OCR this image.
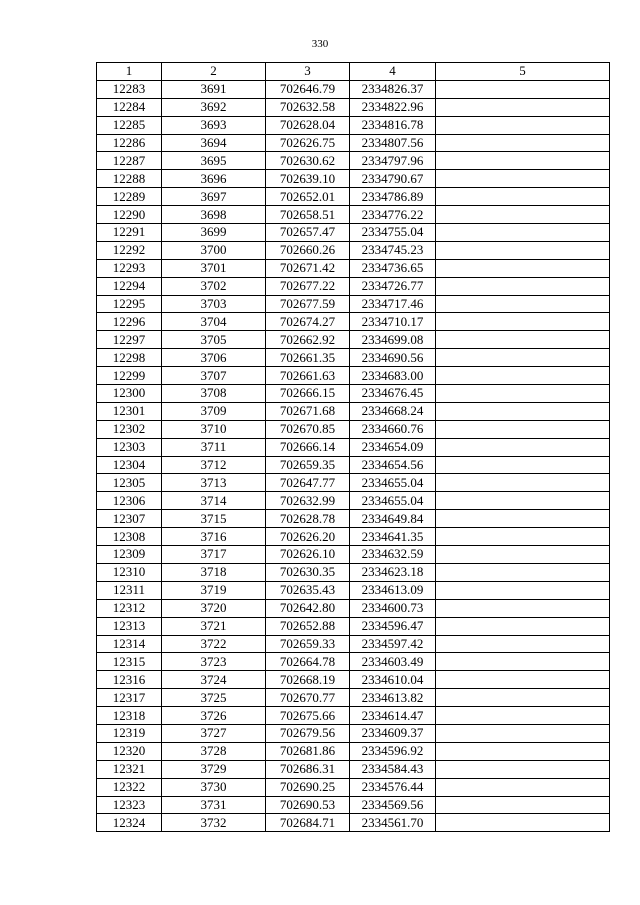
330
1	2	3	4	5
12283	3691	702646.79	2334826.37	
12284	3692	702632.58	2334822.96	
12285	3693	702628.04	2334816.78	
12286	3694	702626.75	2334807.56	
12287	3695	702630.62	2334797.96	
12288	3696	702639.10	2334790.67	
12289	3697	702652.01	2334786.89	
12290	3698	702658.51	2334776.22	
12291	3699	702657.47	2334755.04	
12292	3700	702660.26	2334745.23	
12293	3701	702671.42	2334736.65	
12294	3702	702677.22	2334726.77	
12295	3703	702677.59	2334717.46	
12296	3704	702674.27	2334710.17	
12297	3705	702662.92	2334699.08	
12298	3706	702661.35	2334690.56	
12299	3707	702661.63	2334683.00	
12300	3708	702666.15	2334676.45	
12301	3709	702671.68	2334668.24	
12302	3710	702670.85	2334660.76	
12303	3711	702666.14	2334654.09	
12304	3712	702659.35	2334654.56	
12305	3713	702647.77	2334655.04	
12306	3714	702632.99	2334655.04	
12307	3715	702628.78	2334649.84	
12308	3716	702626.20	2334641.35	
12309	3717	702626.10	2334632.59	
12310	3718	702630.35	2334623.18	
12311	3719	702635.43	2334613.09	
12312	3720	702642.80	2334600.73	
12313	3721	702652.88	2334596.47	
12314	3722	702659.33	2334597.42	
12315	3723	702664.78	2334603.49	
12316	3724	702668.19	2334610.04	
12317	3725	702670.77	2334613.82	
12318	3726	702675.66	2334614.47	
12319	3727	702679.56	2334609.37	
12320	3728	702681.86	2334596.92	
12321	3729	702686.31	2334584.43	
12322	3730	702690.25	2334576.44	
12323	3731	702690.53	2334569.56	
12324	3732	702684.71	2334561.70	
